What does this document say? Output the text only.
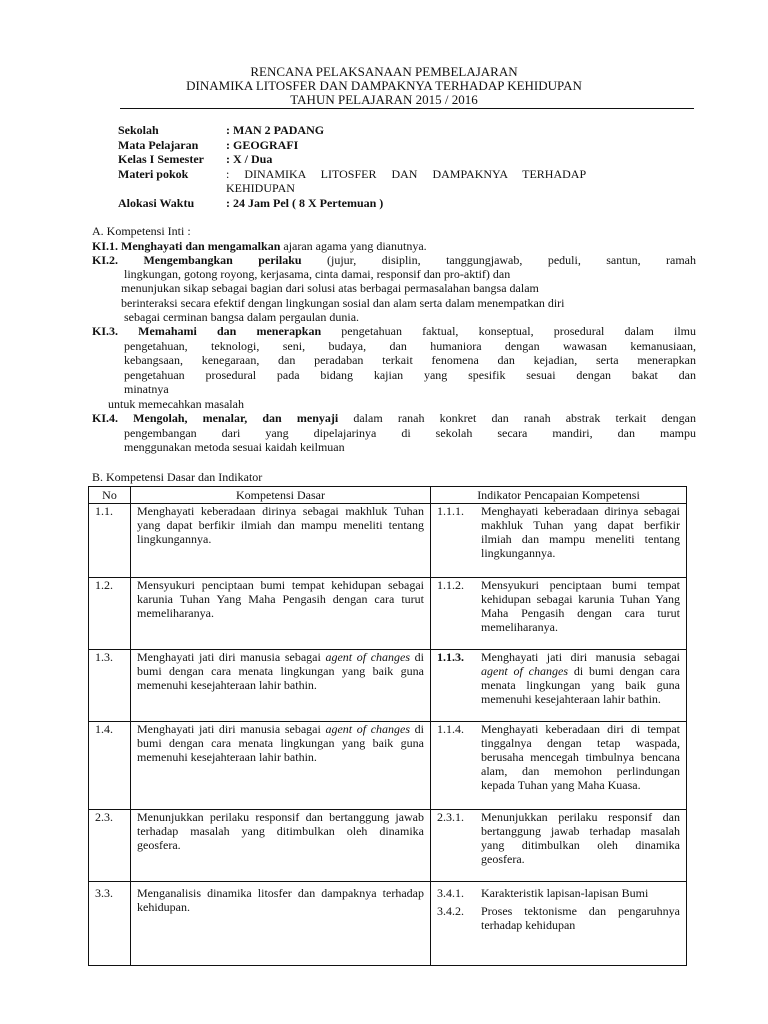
RENCANA PELAKSANAAN PEMBELAJARAN
DINAMIKA LITOSFER DAN DAMPAKNYA TERHADAP KEHIDUPAN
TAHUN PELAJARAN 2015 / 2016
Sekolah	: MAN 2 PADANG
Mata Pelajaran : GEOGRAFI
Kelas I Semester : X / Dua
Materi pokok	:     DINAMIKA     LITOSFER     DAN     DAMPAKNYA     TERHADAP
KEHIDUPAN
Alokasi Waktu	: 24 Jam Pel ( 8 X Pertemuan )
A. Kompetensi Inti :
KI.1. Menghayati dan mengamalkan ajaran agama yang dianutnya.
KI.2. Mengembangkan perilaku (jujur, disiplin, tanggungjawab, peduli, santun, ramah
lingkungan, gotong royong, kerjasama, cinta damai, responsif dan pro-aktif) dan
menunjukan sikap sebagai bagian dari solusi atas berbagai permasalahan bangsa dalam
berinteraksi secara efektif dengan lingkungan sosial dan alam serta dalam menempatkan diri
sebagai cerminan bangsa dalam pergaulan dunia.
KI.3. Memahami dan menerapkan pengetahuan faktual, konseptual, prosedural dalam ilmu
pengetahuan, teknologi, seni, budaya, dan humaniora dengan wawasan kemanusiaan,
kebangsaan, kenegaraan, dan peradaban terkait fenomena dan kejadian, serta menerapkan
pengetahuan prosedural pada bidang kajian yang spesifik sesuai dengan bakat dan
minatnya
untuk memecahkan masalah
KI.4. Mengolah, menalar, dan menyaji dalam ranah konkret dan ranah abstrak terkait dengan
pengembangan dari yang dipelajarinya di sekolah secara mandiri, dan mampu
menggunakan metoda sesuai kaidah keilmuan
B. Kompetensi Dasar dan Indikator
No	Kompetensi Dasar	Indikator Pencapaian Kompetensi
1.1.	Menghayati keberadaan dirinya sebagai makhluk Tuhan yang dapat berfikir ilmiah dan mampu meneliti tentang lingkungannya.	1.1.1. Menghayati keberadaan dirinya sebagai makhluk Tuhan yang dapat berfikir ilmiah dan mampu meneliti tentang lingkungannya.

1.2.	Mensyukuri penciptaan bumi tempat kehidupan sebagai karunia Tuhan Yang Maha Pengasih dengan cara turut memeliharanya.	1.1.2. Mensyukuri penciptaan bumi tempat kehidupan sebagai karunia Tuhan Yang Maha Pengasih dengan cara turut memeliharanya.

1.3.	Menghayati jati diri manusia sebagai agent of changes di bumi dengan cara menata lingkungan yang baik guna memenuhi kesejahteraan lahir bathin.	1.1.3. Menghayati jati diri manusia sebagai agent of changes di bumi dengan cara menata lingkungan yang baik guna memenuhi kesejahteraan lahir bathin.

1.4.	Menghayati jati diri manusia sebagai agent of changes di bumi dengan cara menata lingkungan yang baik guna memenuhi kesejahteraan lahir bathin.	1.1.4. Menghayati keberadaan diri di tempat tinggalnya dengan tetap waspada, berusaha mencegah timbulnya bencana alam, dan memohon perlindungan kepada Tuhan yang Maha Kuasa.

2.3.	Menunjukkan perilaku responsif dan bertanggung jawab terhadap masalah yang ditimbulkan oleh dinamika geosfera.	2.3.1. Menunjukkan perilaku responsif dan bertanggung jawab terhadap masalah yang ditimbulkan oleh dinamika geosfera.

3.3.	Menganalisis dinamika litosfer dan dampaknya terhadap kehidupan.	3.4.1. Karakteristik lapisan-lapisan Bumi
3.4.2. Proses tektonisme dan pengaruhnya terhadap kehidupan
